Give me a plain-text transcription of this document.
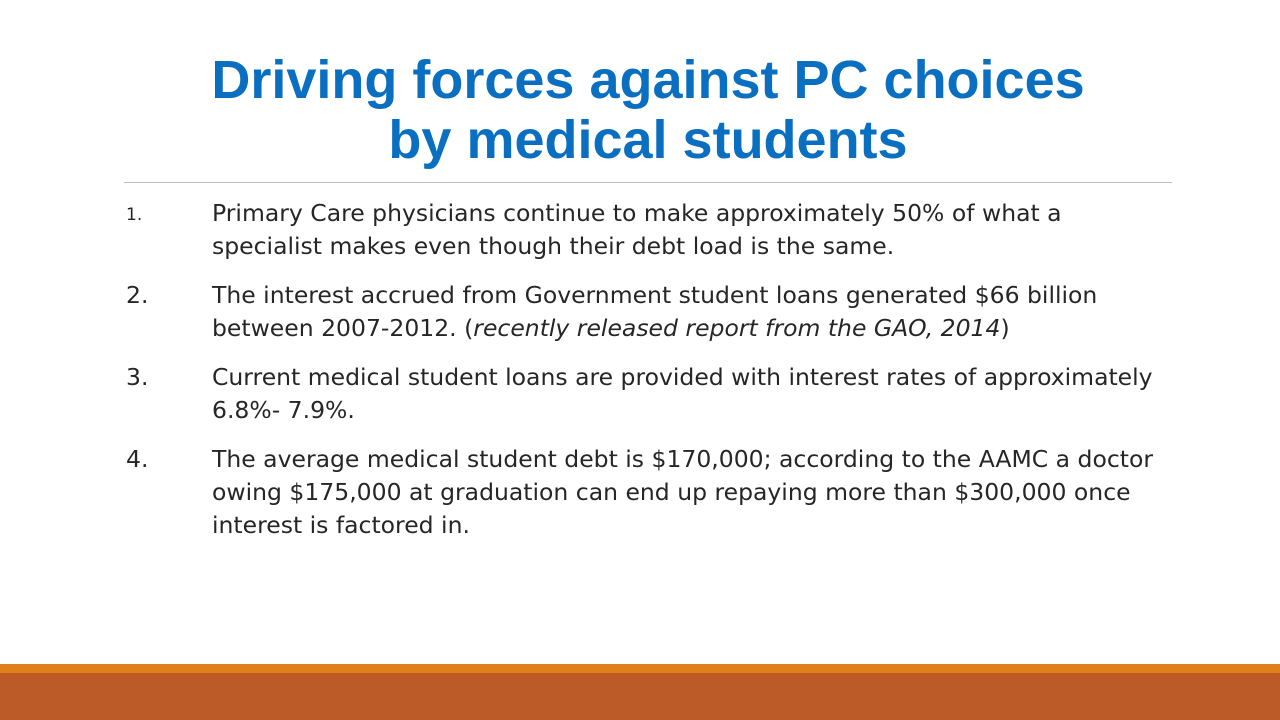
Driving forces against PC choices
by medical students
1.	Primary Care physicians continue to make approximately 50% of what a specialist makes even though their debt load is the same.
2.	The interest accrued from Government student loans generated $66 billion between 2007-2012. (recently released report from the GAO, 2014)
3.	Current medical student loans are provided with interest rates of approximately 6.8%- 7.9%.
4.	The average medical student debt is $170,000; according to the AAMC a doctor owing $175,000 at graduation can end up repaying more than $300,000 once interest is factored in.
